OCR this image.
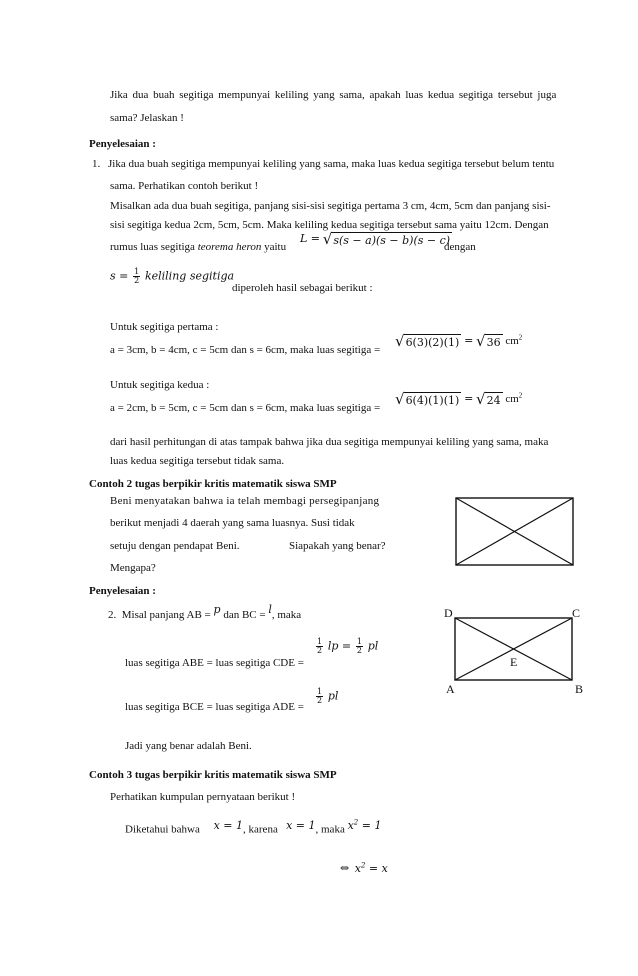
Jika dua buah segitiga mempunyai keliling yang sama, apakah luas kedua segitiga tersebut juga
sama? Jelaskan !
Penyelesaian :
1. Jika dua buah segitiga mempunyai keliling yang sama, maka luas kedua segitiga tersebut belum tentu
sama. Perhatikan contoh berikut !
Misalkan ada dua buah segitiga, panjang sisi-sisi segitiga pertama 3 cm, 4cm, 5cm dan panjang sisi-
sisi segitiga kedua 2cm, 5cm, 5cm. Maka keliling kedua segitiga tersebut sama yaitu 12cm. Dengan
rumus luas segitiga teorema heron yaitu
L = √ s(s − a)(s − b)(s − c)
dengan
$s = \frac{1}{2}$ keliling segitiga
diperoleh hasil sebagai berikut :
Untuk segitiga pertama :
a = 3cm, b = 4cm, c = 5cm dan s = 6cm, maka luas segitiga = √ 6(3)(2)(1) = √ 36 $cm^2$
Untuk segitiga kedua :
a = 2cm, b = 5cm, c = 5cm dan s = 6cm, maka luas segitiga = √ 6(4)(1)(1) = √ 24 $cm^2$
dari hasil perhitungan di atas tampak bahwa jika dua segitiga mempunyai keliling yang sama, maka
luas kedua segitiga tersebut tidak sama.
Contoh 2 tugas berpikir kritis matematik siswa SMP
Beni menyatakan bahwa ia telah membagi persegipanjang
berikut menjadi 4 daerah yang sama luasnya. Susi tidak
setuju dengan pendapat Beni.	Siapakah yang benar?
Mengapa?
Penyelesaian :
2. Misal panjang AB = p dan BC = l, maka
luas segitiga ABE = luas segitiga CDE =
$\frac{1}{2}$ lp = $\frac{1}{2}$ pl
luas segitiga BCE = luas segitiga ADE =
$\frac{1}{2}$ pl
Jadi yang benar adalah Beni.
D	C
E
A	B
Contoh 3 tugas berpikir kritis matematik siswa SMP
Perhatikan kumpulan pernyataan berikut !
Diketahui bahwa x = 1, karena x = 1, maka $x^2 = 1$
⇔ $x^2 = x$
